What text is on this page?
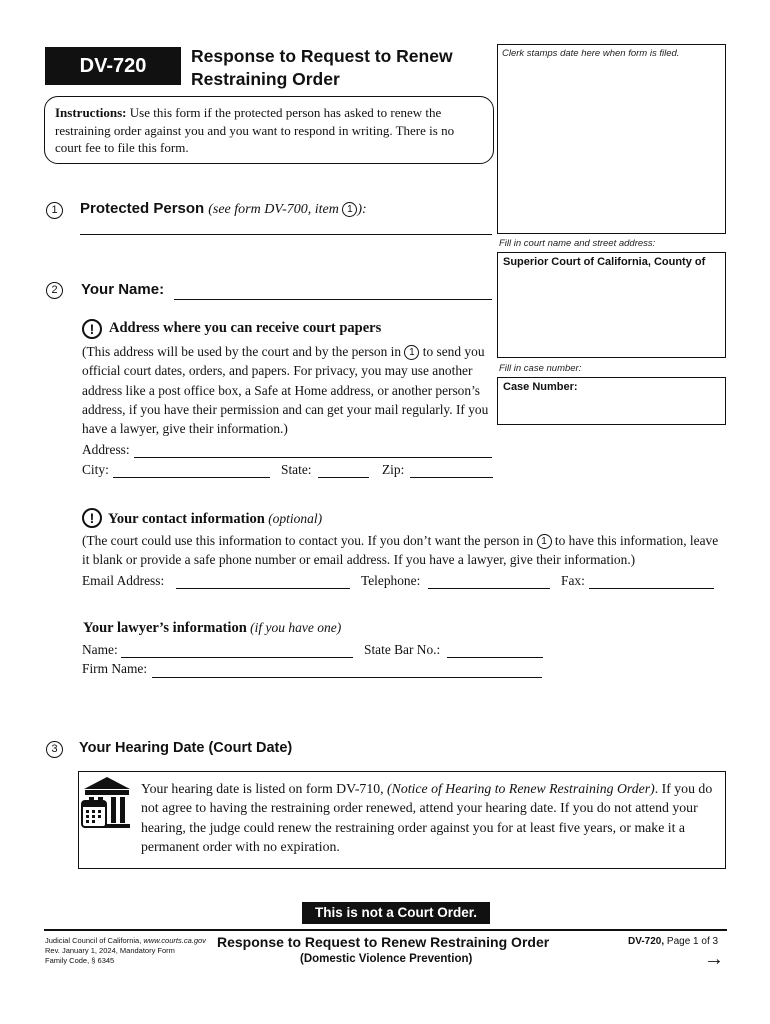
DV-720	Response to Request to Renew
Restraining Order
Clerk stamps date here when form is filed.
Instructions: Use this form if the protected person has asked to renew the restraining order against you and you want to respond in writing. There is no court fee to file this form.
Fill in court name and street address:
Superior Court of California, County of
Fill in case number:
Case Number:
1	Protected Person (see form DV-700, item 1 ):
2	Your Name:
!	Address where you can receive court papers
(This address will be used by the court and by the person in 1 to send you official court dates, orders, and papers. For privacy, you may use another address like a post office box, a Safe at Home address, or another person’s address, if you have their permission and can get your mail regularly. If you have a lawyer, give their information.)
Address:
City:	State:	Zip:
! Your contact information (optional)
(The court could use this information to contact you. If you don’t want the person in 1 to have this information, leave it blank or provide a safe phone number or email address. If you have a lawyer, give their information.)
Email Address:	Telephone:	Fax:
Your lawyer’s information (if you have one)
Name:	State Bar No.:
Firm Name:
3	Your Hearing Date (Court Date)
Your hearing date is listed on form DV-710, (Notice of Hearing to Renew Restraining Order). If you do not agree to having the restraining order renewed, attend your hearing date. If you do not attend your hearing, the judge could renew the restraining order against you for at least five years, or make it a permanent order with no expiration.
This is not a Court Order.
Judicial Council of California, www.courts.ca.gov
Rev. January 1, 2024, Mandatory Form
Family Code, § 6345
Response to Request to Renew Restraining Order
(Domestic Violence Prevention)
DV-720, Page 1 of 3
→
